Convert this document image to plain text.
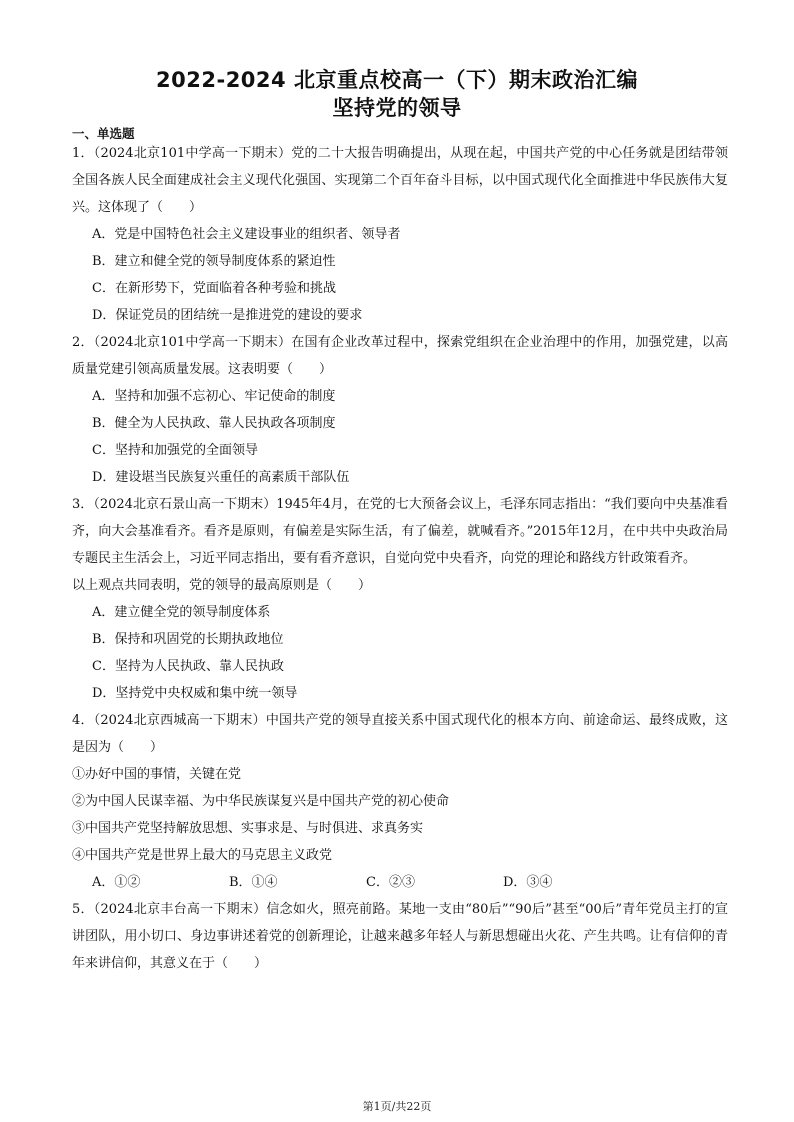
2022-2024 北京重点校高一（下）期末政治汇编
坚持党的领导
一、单选题

1．（2024北京101中学高一下期末）党的二十大报告明确提出，从现在起，中国共产党的中心任务就是团结带领全国各族人民全面建成社会主义现代化强国、实现第二个百年奋斗目标，以中国式现代化全面推进中华民族伟大复兴。这体现了（　　）

A．党是中国特色社会主义建设事业的组织者、领导者

B．建立和健全党的领导制度体系的紧迫性

C．在新形势下，党面临着各种考验和挑战

D．保证党员的团结统一是推进党的建设的要求

2．（2024北京101中学高一下期末）在国有企业改革过程中，探索党组织在企业治理中的作用，加强党建，以高质量党建引领高质量发展。这表明要（　　）

A．坚持和加强不忘初心、牢记使命的制度

B．健全为人民执政、靠人民执政各项制度

C．坚持和加强党的全面领导

D．建设堪当民族复兴重任的高素质干部队伍

3．（2024北京石景山高一下期末）1945年4月，在党的七大预备会议上，毛泽东同志指出：“我们要向中央基准看齐，向大会基准看齐。看齐是原则，有偏差是实际生活，有了偏差，就喊看齐。”2015年12月，在中共中央政治局专题民主生活会上，习近平同志指出，要有看齐意识，自觉向党中央看齐，向党的理论和路线方针政策看齐。

以上观点共同表明，党的领导的最高原则是（　　）

A．建立健全党的领导制度体系

B．保持和巩固党的长期执政地位

C．坚持为人民执政、靠人民执政

D．坚持党中央权威和集中统一领导

4．（2024北京西城高一下期末）中国共产党的领导直接关系中国式现代化的根本方向、前途命运、最终成败，这是因为（　　）

①办好中国的事情，关键在党

②为中国人民谋幸福、为中华民族谋复兴是中国共产党的初心使命

③中国共产党坚持解放思想、实事求是、与时俱进、求真务实

④中国共产党是世界上最大的马克思主义政党

A．①②	B．①④	C．②③	D．③④

5．（2024北京丰台高一下期末）信念如火，照亮前路。某地一支由“80后”“90后”甚至“00后”青年党员主打的宣讲团队，用小切口、身边事讲述着党的创新理论，让越来越多年轻人与新思想碰出火花、产生共鸣。让有信仰的青年来讲信仰，其意义在于（　　）

第1页/共22页
